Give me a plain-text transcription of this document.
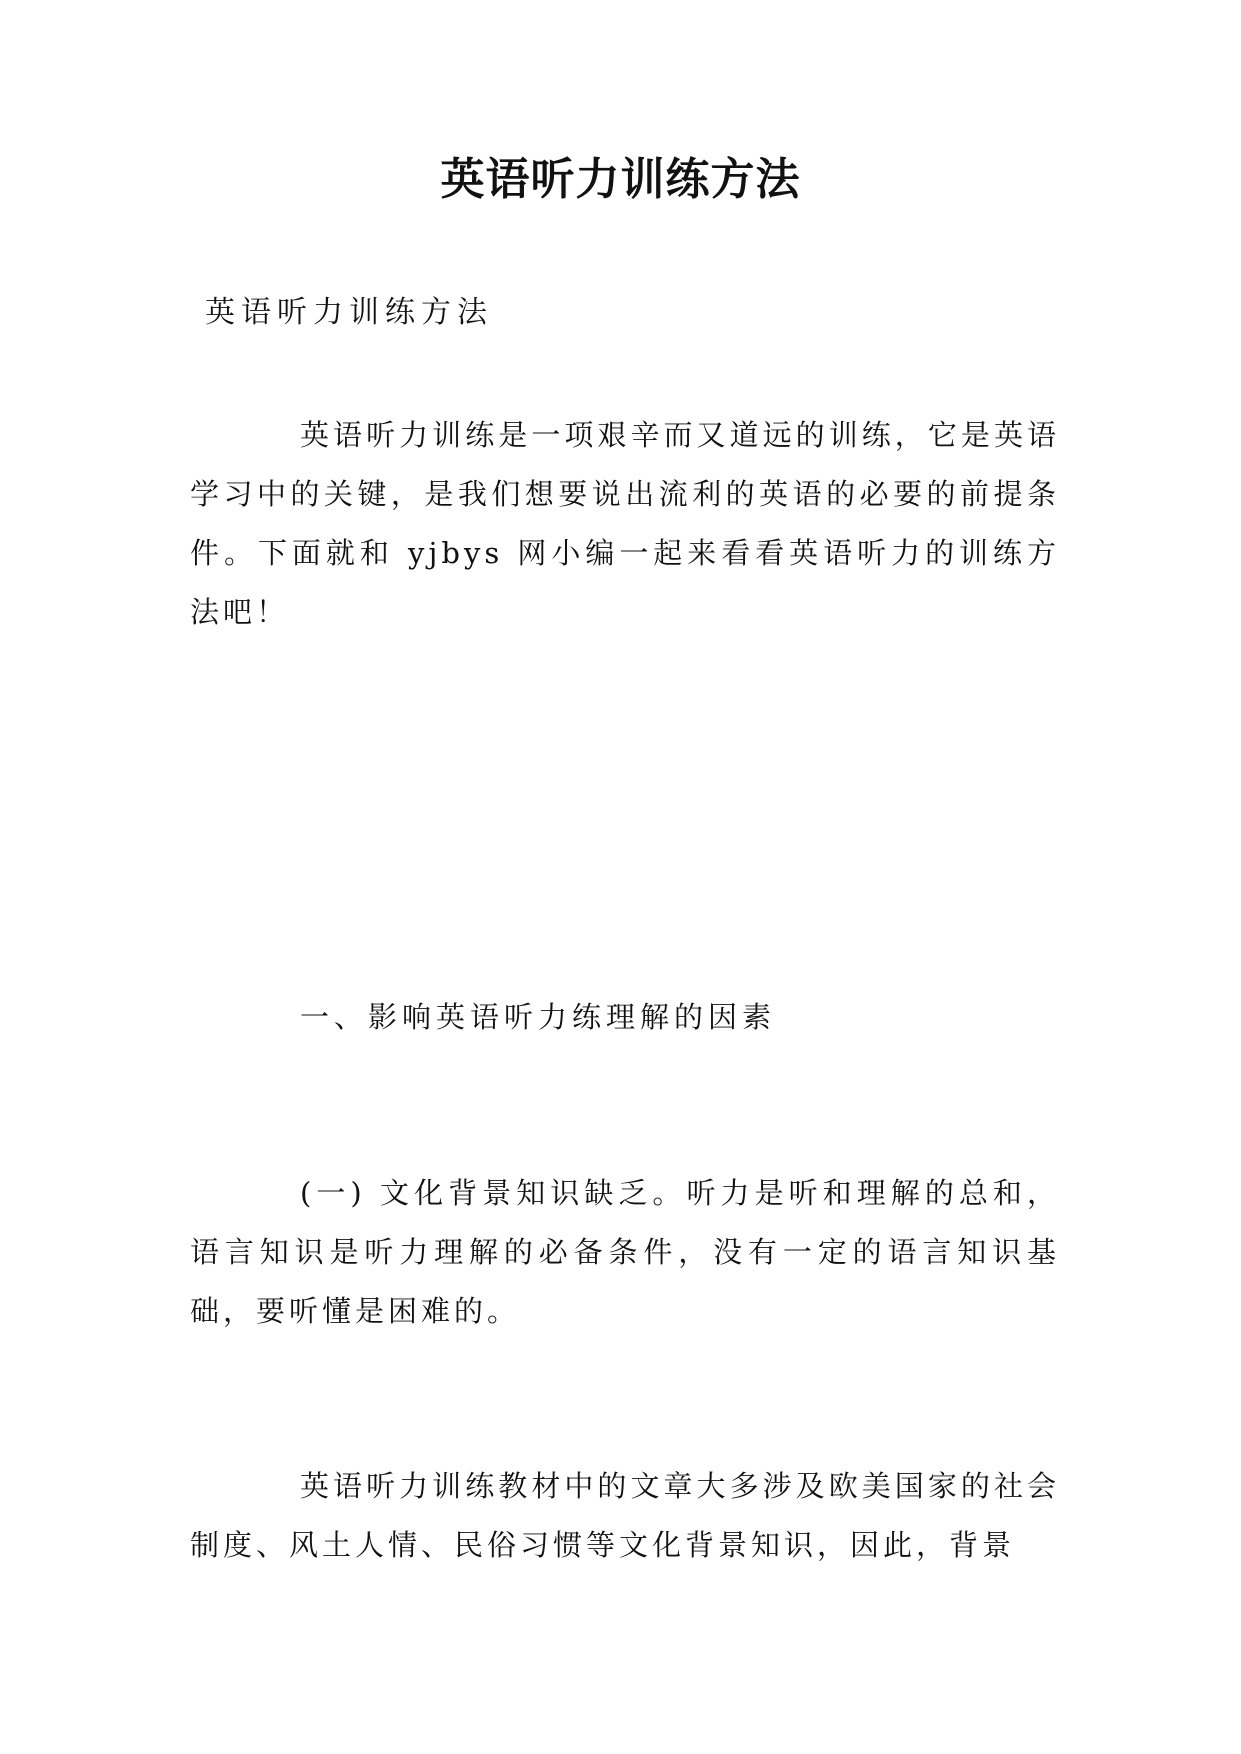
英语听力训练方法

英语听力训练方法

英语听力训练是一项艰辛而又道远的训练，它是英语学习中的关键，是我们想要说出流利的英语的必要的前提条件。下面就和 yjbys 网小编一起来看看英语听力的训练方法吧！

一、影响英语听力练理解的因素

(一) 文化背景知识缺乏。听力是听和理解的总和，语言知识是听力理解的必备条件，没有一定的语言知识基础，要听懂是困难的。

英语听力训练教材中的文章大多涉及欧美国家的社会制度、风土人情、民俗习惯等文化背景知识，因此，背景
